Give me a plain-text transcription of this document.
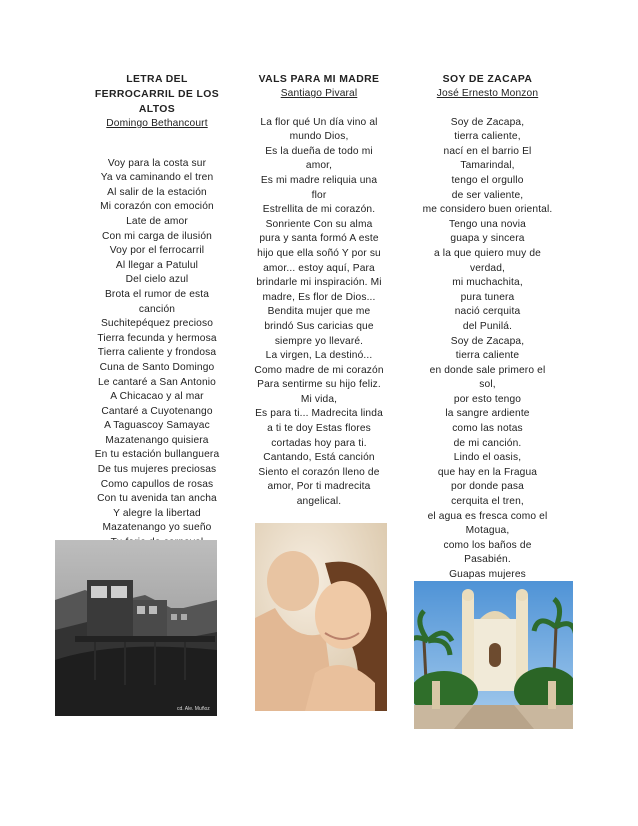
LETRA DEL
FERROCARRIL DE LOS
ALTOS
Domingo Bethancourt
Voy para la costa sur
Ya va caminando el tren
Al salir de la estación
Mi corazón con emoción
Late de amor
Con mi carga de ilusión
Voy por el ferrocarril
Al llegar a Patulul
Del cielo azul
Brota el rumor de esta
canción
Suchitepéquez precioso
Tierra fecunda y hermosa
Tierra caliente y frondosa
Cuna de Santo Domingo
Le cantaré a San Antonio
A Chicacao y al mar
Cantaré a Cuyotenango
A Taguascoy Samayac
Mazatenango quisiera
En tu estación bullanguera
De tus mujeres preciosas
Como capullos de rosas
Con tu avenida tan ancha
Y alegre la libertad
Mazatenango yo sueño
VALS PARA MI MADRE
Santiago Pivaral
La flor qué Un día vino al
mundo Dios,
Es la dueña de todo mi
amor,
Es mi madre reliquia una
flor
Estrellita de mi corazón.
Sonriente Con su alma
pura y santa formó A este
hijo que ella soñó Y por su
amor... estoy aquí, Para
brindarle mi inspiración. Mi
madre, Es flor de Dios...
Bendita mujer que me
brindó Sus caricias que
siempre yo llevaré.
La virgen, La destinó...
Como madre de mi corazón
Para sentirme su hijo feliz.
Mi vida,
Es para ti... Madrecita linda
a ti te doy Estas flores
cortadas hoy para ti.
Cantando, Está canción
Siento el corazón lleno de
amor, Por ti madrecita
angelical.
SOY DE ZACAPA
José Ernesto Monzon
Soy de Zacapa,
tierra caliente,
nací en el barrio El
Tamarindal,
tengo el orgullo
de ser valiente,
me considero buen oriental.
Tengo una novia
guapa y sincera
a la que quiero muy de
verdad,
mi muchachita,
pura tunera
nació cerquita
del Punilá.
Soy de Zacapa,
tierra caliente
en donde sale primero el
sol,
por esto tengo
la sangre ardiente
como las notas
de mi canción.
Lindo el oasis,
que hay en la Fragua
por donde pasa
cerquita el tren,
el agua es fresca como el
Motagua,
como los baños de
Pasabién.
Guapas mujeres
cd. Ale. Muñoz
